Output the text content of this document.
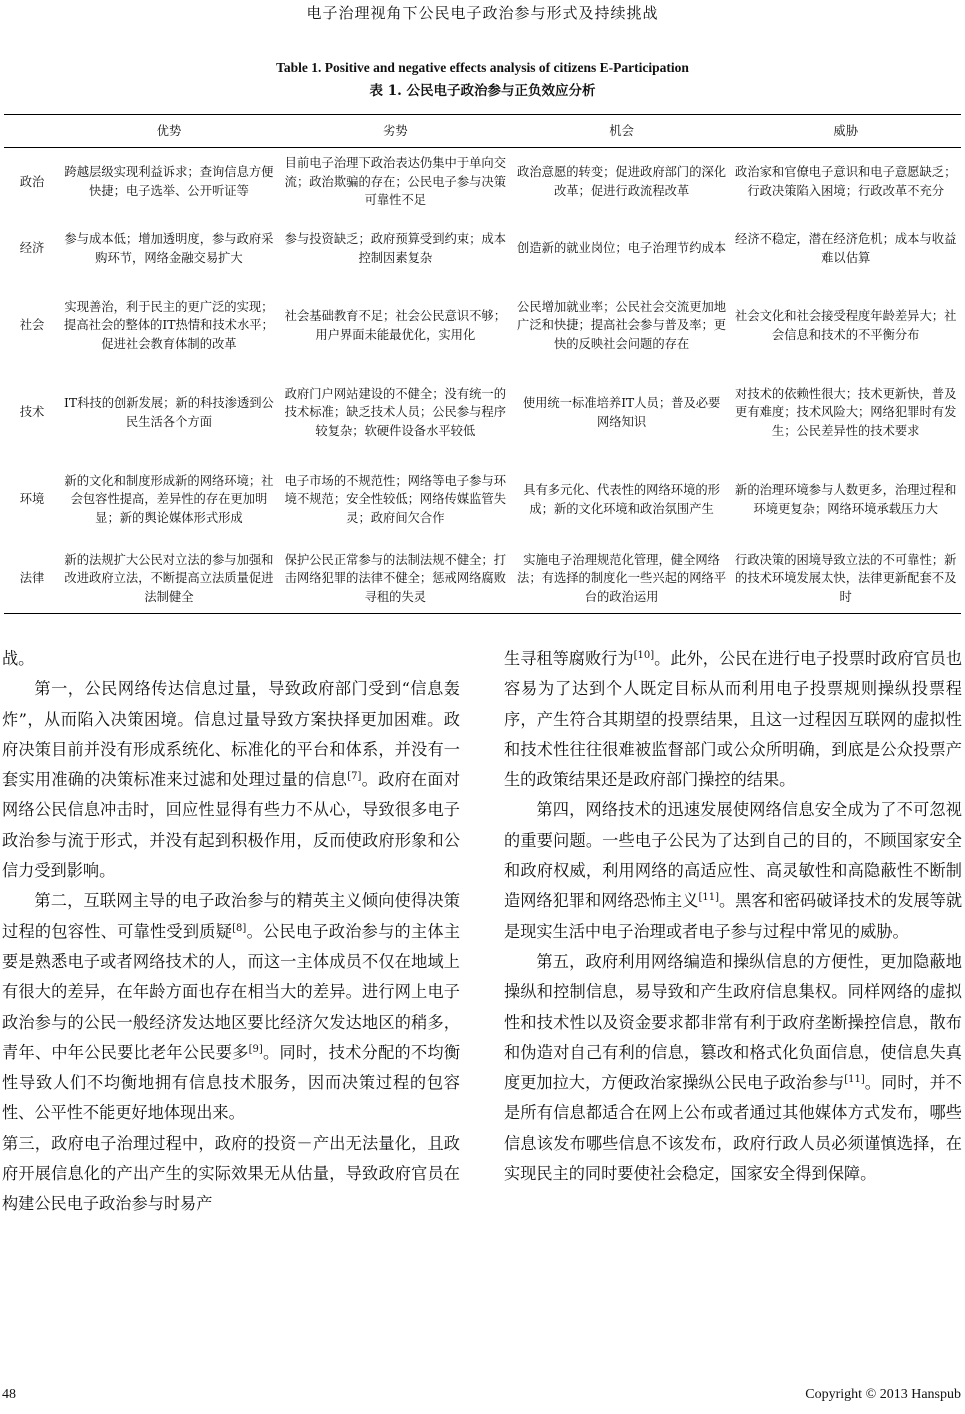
电子治理视角下公民电子政治参与形式及持续挑战
Table 1. Positive and negative effects analysis of citizens E-Participation
表 1. 公民电子政治参与正负效应分析
	优势	劣势	机会	威胁
政治	跨越层级实现利益诉求；查询信息方便快捷；电子选举、公开听证等	目前电子治理下政治表达仍集中于单向交流；政治欺骗的存在；公民电子参与决策可靠性不足	政治意愿的转变；促进政府部门的深化改革；促进行政流程改革	政治家和官僚电子意识和电子意愿缺乏；行政决策陷入困境；行政改革不充分
经济	参与成本低；增加透明度，参与政府采购环节，网络金融交易扩大	参与投资缺乏；政府预算受到约束；成本控制因素复杂	创造新的就业岗位；电子治理节约成本	经济不稳定，潜在经济危机；成本与收益难以估算
社会	实现善治，利于民主的更广泛的实现；提高社会的整体的IT热情和技术水平；促进社会教育体制的改革	社会基础教育不足；社会公民意识不够；用户界面未能最优化，实用化	公民增加就业率；公民社会交流更加地广泛和快捷；提高社会参与普及率；更快的反映社会问题的存在	社会文化和社会接受程度年龄差异大；社会信息和技术的不平衡分布
技术	IT科技的创新发展；新的科技渗透到公民生活各个方面	政府门户网站建设的不健全；没有统一的技术标准；缺乏技术人员；公民参与程序较复杂；软硬件设备水平较低	使用统一标准培养IT人员；普及必要网络知识	对技术的依赖性很大；技术更新快，普及更有难度；技术风险大；网络犯罪时有发生；公民差异性的技术要求
环境	新的文化和制度形成新的网络环境；社会包容性提高，差异性的存在更加明显；新的舆论媒体形式形成	电子市场的不规范性；网络等电子参与环境不规范；安全性较低；网络传媒监管失灵；政府间欠合作	具有多元化、代表性的网络环境的形成；新的文化环境和政治氛围产生	新的治理环境参与人数更多，治理过程和环境更复杂；网络环境承载压力大
法律	新的法规扩大公民对立法的参与加强和改进政府立法，不断提高立法质量促进法制健全	保护公民正常参与的法制法规不健全；打击网络犯罪的法律不健全；惩戒网络腐败寻租的失灵	实施电子治理规范化管理，健全网络法；有选择的制度化一些兴起的网络平台的政治运用	行政决策的困境导致立法的不可靠性；新的技术环境发展太快，法律更新配套不及时

战。

第一，公民网络传达信息过量，导致政府部门受到“信息轰炸”，从而陷入决策困境。信息过量导致方案抉择更加困难。政府决策目前并没有形成系统化、标准化的平台和体系，并没有一套实用准确的决策标准来过滤和处理过量的信息[7]。政府在面对网络公民信息冲击时，回应性显得有些力不从心，导致很多电子政治参与流于形式，并没有起到积极作用，反而使政府形象和公信力受到影响。

第二，互联网主导的电子政治参与的精英主义倾向使得决策过程的包容性、可靠性受到质疑[8]。公民电子政治参与的主体主要是熟悉电子或者网络技术的人，而这一主体成员不仅在地域上有很大的差异，在年龄方面也存在相当大的差异。进行网上电子政治参与的公民一般经济发达地区要比经济欠发达地区的稍多，青年、中年公民要比老年公民要多[9]。同时，技术分配的不均衡性导致人们不均衡地拥有信息技术服务，因而决策过程的包容性、公平性不能更好地体现出来。

第三，政府电子治理过程中，政府的投资－产出无法量化，且政府开展信息化的产出产生的实际效果无从估量，导致政府官员在构建公民电子政治参与时易产

生寻租等腐败行为[10]。此外，公民在进行电子投票时政府官员也容易为了达到个人既定目标从而利用电子投票规则操纵投票程序，产生符合其期望的投票结果，且这一过程因互联网的虚拟性和技术性往往很难被监督部门或公众所明确，到底是公众投票产生的政策结果还是政府部门操控的结果。

第四，网络技术的迅速发展使网络信息安全成为了不可忽视的重要问题。一些电子公民为了达到自己的目的，不顾国家安全和政府权威，利用网络的高适应性、高灵敏性和高隐蔽性不断制造网络犯罪和网络恐怖主义[11]。黑客和密码破译技术的发展等就是现实生活中电子治理或者电子参与过程中常见的威胁。

第五，政府利用网络编造和操纵信息的方便性，更加隐蔽地操纵和控制信息，易导致和产生政府信息集权。同样网络的虚拟性和技术性以及资金要求都非常有利于政府垄断操控信息，散布和伪造对自己有利的信息，篡改和格式化负面信息，使信息失真度更加拉大，方便政治家操纵公民电子政治参与[11]。同时，并不是所有信息都适合在网上公布或者通过其他媒体方式发布，哪些信息该发布哪些信息不该发布，政府行政人员必须谨慎选择，在实现民主的同时要使社会稳定，国家安全得到保障。

48	Copyright © 2013 Hanspub
